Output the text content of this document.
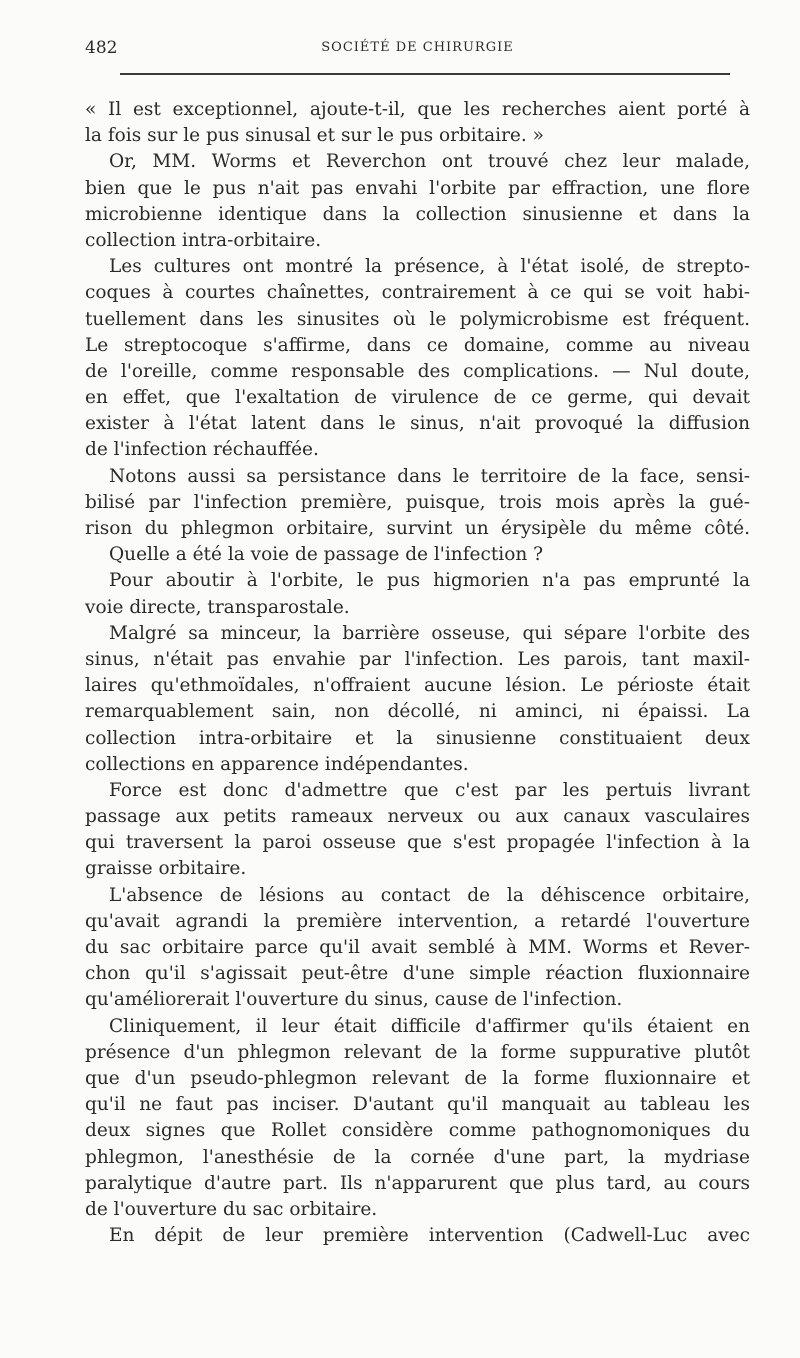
482	SOCIÉTÉ DE CHIRURGIE
« Il est exceptionnel, ajoute-t-il, que les recherches aient porté à
la fois sur le pus sinusal et sur le pus orbitaire. »
Or, MM. Worms et Reverchon ont trouvé chez leur malade,
bien que le pus n'ait pas envahi l'orbite par effraction, une flore
microbienne identique dans la collection sinusienne et dans la
collection intra-orbitaire.
Les cultures ont montré la présence, à l'état isolé, de strepto-
coques à courtes chaînettes, contrairement à ce qui se voit habi-
tuellement dans les sinusites où le polymicrobisme est fréquent.
Le streptocoque s'affirme, dans ce domaine, comme au niveau
de l'oreille, comme responsable des complications. — Nul doute,
en effet, que l'exaltation de virulence de ce germe, qui devait
exister à l'état latent dans le sinus, n'ait provoqué la diffusion
de l'infection réchauffée.
Notons aussi sa persistance dans le territoire de la face, sensi-
bilisé par l'infection première, puisque, trois mois après la gué-
rison du phlegmon orbitaire, survint un érysipèle du même côté.
Quelle a été la voie de passage de l'infection ?
Pour aboutir à l'orbite, le pus higmorien n'a pas emprunté la
voie directe, transparostale.
Malgré sa minceur, la barrière osseuse, qui sépare l'orbite des
sinus, n'était pas envahie par l'infection. Les parois, tant maxil-
laires qu'ethmoïdales, n'offraient aucune lésion. Le périoste était
remarquablement sain, non décollé, ni aminci, ni épaissi. La
collection intra-orbitaire et la sinusienne constituaient deux
collections en apparence indépendantes.
Force est donc d'admettre que c'est par les pertuis livrant
passage aux petits rameaux nerveux ou aux canaux vasculaires
qui traversent la paroi osseuse que s'est propagée l'infection à la
graisse orbitaire.
L'absence de lésions au contact de la déhiscence orbitaire,
qu'avait agrandi la première intervention, a retardé l'ouverture
du sac orbitaire parce qu'il avait semblé à MM. Worms et Rever-
chon qu'il s'agissait peut-être d'une simple réaction fluxionnaire
qu'améliorerait l'ouverture du sinus, cause de l'infection.
Cliniquement, il leur était difficile d'affirmer qu'ils étaient en
présence d'un phlegmon relevant de la forme suppurative plutôt
que d'un pseudo-phlegmon relevant de la forme fluxionnaire et
qu'il ne faut pas inciser. D'autant qu'il manquait au tableau les
deux signes que Rollet considère comme pathognomoniques du
phlegmon, l'anesthésie de la cornée d'une part, la mydriase
paralytique d'autre part. Ils n'apparurent que plus tard, au cours
de l'ouverture du sac orbitaire.
En dépit de leur première intervention (Cadwell-Luc avec
